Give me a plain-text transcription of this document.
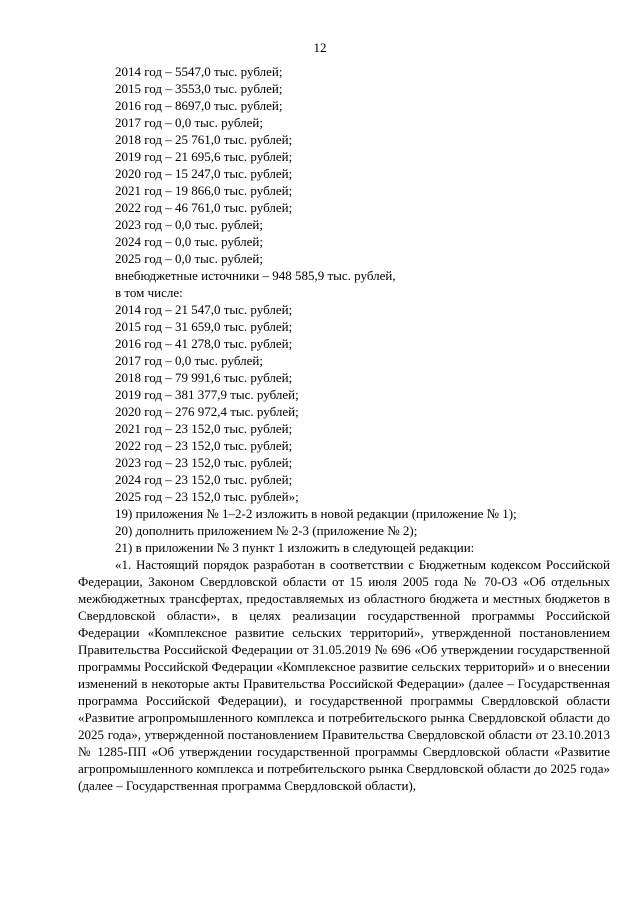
12
2014 год – 5547,0 тыс. рублей;
2015 год – 3553,0 тыс. рублей;
2016 год – 8697,0 тыс. рублей;
2017 год – 0,0 тыс. рублей;
2018 год – 25 761,0 тыс. рублей;
2019 год – 21 695,6 тыс. рублей;
2020 год – 15 247,0 тыс. рублей;
2021 год – 19 866,0 тыс. рублей;
2022 год – 46 761,0 тыс. рублей;
2023 год – 0,0 тыс. рублей;
2024 год – 0,0 тыс. рублей;
2025 год – 0,0 тыс. рублей;
внебюджетные источники – 948 585,9 тыс. рублей,
в том числе:
2014 год – 21 547,0 тыс. рублей;
2015 год – 31 659,0 тыс. рублей;
2016 год – 41 278,0 тыс. рублей;
2017 год – 0,0 тыс. рублей;
2018 год – 79 991,6 тыс. рублей;
2019 год – 381 377,9 тыс. рублей;
2020 год – 276 972,4 тыс. рублей;
2021 год – 23 152,0 тыс. рублей;
2022 год – 23 152,0 тыс. рублей;
2023 год – 23 152,0 тыс. рублей;
2024 год – 23 152,0 тыс. рублей;
2025 год – 23 152,0 тыс. рублей»;
19) приложения № 1–2-2 изложить в новой редакции (приложение № 1);
20) дополнить приложением № 2-3 (приложение № 2);
21) в приложении № 3 пункт 1 изложить в следующей редакции:

«1. Настоящий порядок разработан в соответствии с Бюджетным кодексом Российской Федерации, Законом Свердловской области от 15 июля 2005 года № 70-ОЗ «Об отдельных межбюджетных трансфертах, предоставляемых из областного бюджета и местных бюджетов в Свердловской области», в целях реализации государственной программы Российской Федерации «Комплексное развитие сельских территорий», утвержденной постановлением Правительства Российской Федерации от 31.05.2019 № 696 «Об утверждении государственной программы Российской Федерации «Комплексное развитие сельских территорий» и о внесении изменений в некоторые акты Правительства Российской Федерации» (далее – Государственная программа Российской Федерации), и государственной программы Свердловской области «Развитие агропромышленного комплекса и потребительского рынка Свердловской области до 2025 года», утвержденной постановлением Правительства Свердловской области от 23.10.2013 № 1285-ПП «Об утверждении государственной программы Свердловской области «Развитие агропромышленного комплекса и потребительского рынка Свердловской области до 2025 года» (далее – Государственная программа Свердловской области),
